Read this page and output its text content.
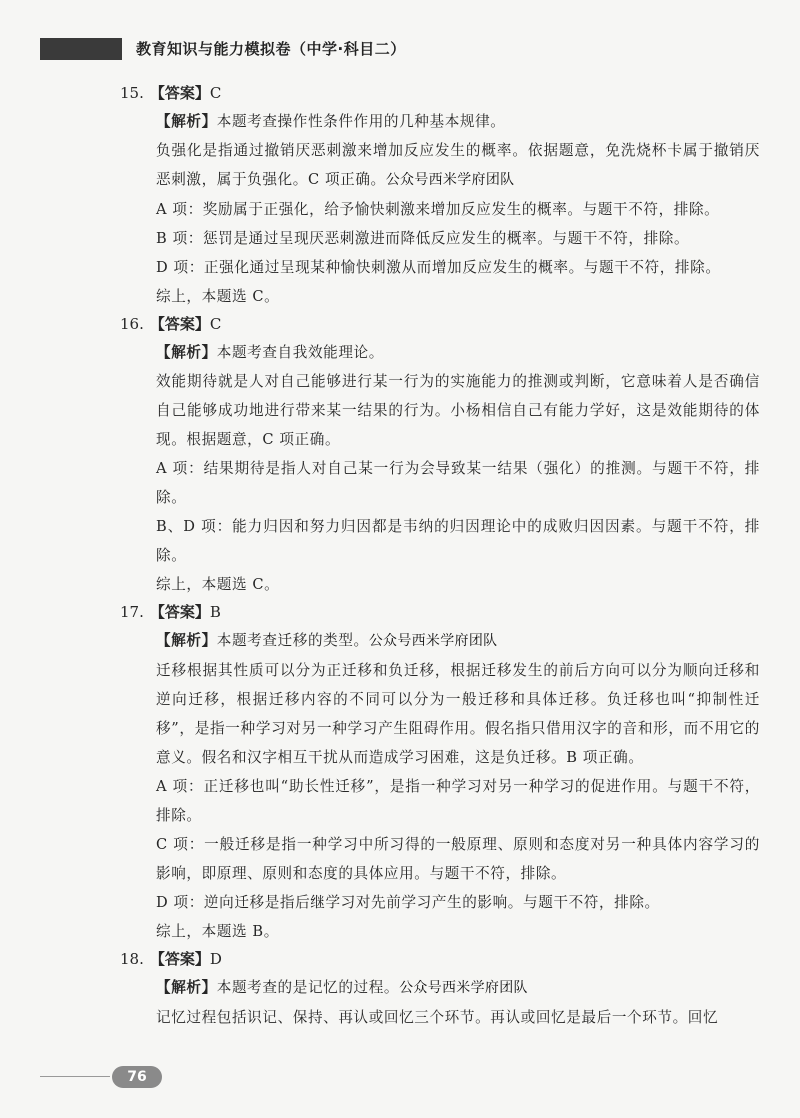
教育知识与能力模拟卷（中学·科目二）
15. 【答案】C

【解析】本题考查操作性条件作用的几种基本规律。

负强化是指通过撤销厌恶刺激来增加反应发生的概率。依据题意，免洗烧杯卡属于撤销厌恶刺激，属于负强化。C 项正确。公众号西米学府团队

A 项：奖励属于正强化，给予愉快刺激来增加反应发生的概率。与题干不符，排除。

B 项：惩罚是通过呈现厌恶刺激进而降低反应发生的概率。与题干不符，排除。

D 项：正强化通过呈现某种愉快刺激从而增加反应发生的概率。与题干不符，排除。

综上，本题选 C。

16. 【答案】C

【解析】本题考查自我效能理论。

效能期待就是人对自己能够进行某一行为的实施能力的推测或判断，它意味着人是否确信自己能够成功地进行带来某一结果的行为。小杨相信自己有能力学好，这是效能期待的体现。根据题意，C 项正确。

A 项：结果期待是指人对自己某一行为会导致某一结果（强化）的推测。与题干不符，排除。

B、D 项：能力归因和努力归因都是韦纳的归因理论中的成败归因因素。与题干不符，排除。

综上，本题选 C。

17. 【答案】B

【解析】本题考查迁移的类型。公众号西米学府团队

迁移根据其性质可以分为正迁移和负迁移，根据迁移发生的前后方向可以分为顺向迁移和逆向迁移，根据迁移内容的不同可以分为一般迁移和具体迁移。负迁移也叫“抑制性迁移”，是指一种学习对另一种学习产生阻碍作用。假名指只借用汉字的音和形，而不用它的意义。假名和汉字相互干扰从而造成学习困难，这是负迁移。B 项正确。

A 项：正迁移也叫“助长性迁移”，是指一种学习对另一种学习的促进作用。与题干不符，排除。

C 项：一般迁移是指一种学习中所习得的一般原理、原则和态度对另一种具体内容学习的影响，即原理、原则和态度的具体应用。与题干不符，排除。

D 项：逆向迁移是指后继学习对先前学习产生的影响。与题干不符，排除。

综上，本题选 B。

18. 【答案】D

【解析】本题考查的是记忆的过程。公众号西米学府团队

记忆过程包括识记、保持、再认或回忆三个环节。再认或回忆是最后一个环节。回忆

76
